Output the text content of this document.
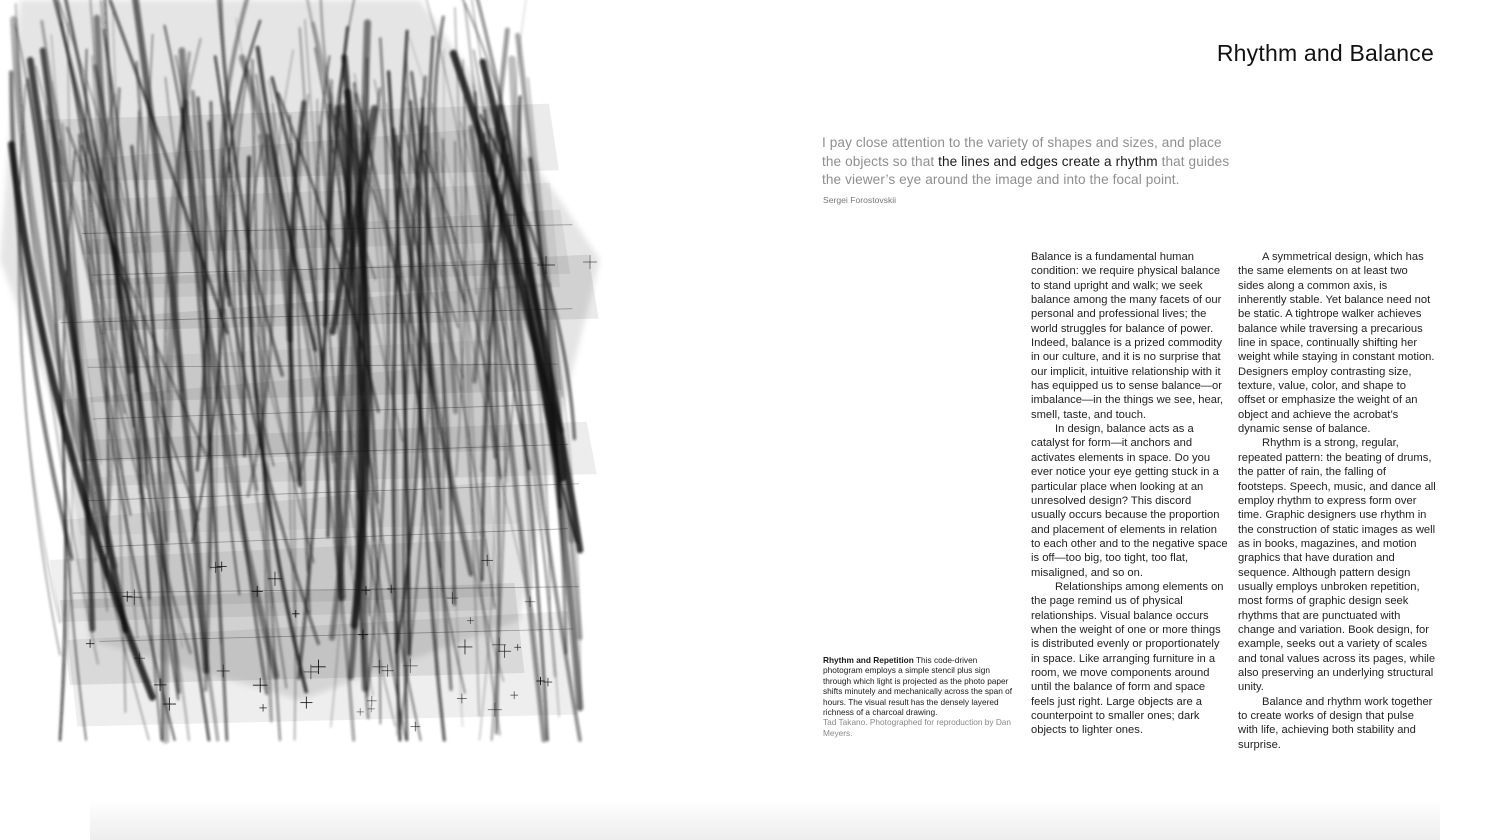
Rhythm and Balance
I pay close attention to the variety of shapes and sizes, and place the objects so that the lines and edges create a rhythm that guides the viewer’s eye around the image and into the focal point.
Sergei Forostovskii
Rhythm and Repetition This code-driven photogram employs a simple stencil plus sign through which light is projected as the photo paper shifts minutely and mechanically across the span of hours. The visual result has the densely layered richness of a charcoal drawing.
Tad Takano. Photographed for reproduction by Dan Meyers.

Balance is a fundamental human condition: we require physical balance to stand upright and walk; we seek balance among the many facets of our personal and professional lives; the world struggles for balance of power. Indeed, balance is a prized commodity in our culture, and it is no surprise that our implicit, intuitive relationship with it has equipped us to sense balance—or imbalance—in the things we see, hear, smell, taste, and touch.

In design, balance acts as a catalyst for form—it anchors and activates elements in space. Do you ever notice your eye getting stuck in a particular place when looking at an unresolved design? This discord usually occurs because the proportion and placement of elements in relation to each other and to the negative space is off—too big, too tight, too flat, misaligned, and so on.

Relationships among elements on the page remind us of physical relationships. Visual balance occurs when the weight of one or more things is distributed evenly or proportionately in space. Like arranging furniture in a room, we move components around until the balance of form and space feels just right. Large objects are a counterpoint to smaller ones; dark objects to lighter ones.

A symmetrical design, which has the same elements on at least two sides along a common axis, is inherently stable. Yet balance need not be static. A tightrope walker achieves balance while traversing a precarious line in space, continually shifting her weight while staying in constant motion. Designers employ contrasting size, texture, value, color, and shape to offset or emphasize the weight of an object and achieve the acrobat’s dynamic sense of balance.

Rhythm is a strong, regular, repeated pattern: the beating of drums, the patter of rain, the falling of footsteps. Speech, music, and dance all employ rhythm to express form over time. Graphic designers use rhythm in the construction of static images as well as in books, magazines, and motion graphics that have duration and sequence. Although pattern design usually employs unbroken repetition, most forms of graphic design seek rhythms that are punctuated with change and variation. Book design, for example, seeks out a variety of scales and tonal values across its pages, while also preserving an underlying structural unity.

Balance and rhythm work together to create works of design that pulse with life, achieving both stability and surprise.
